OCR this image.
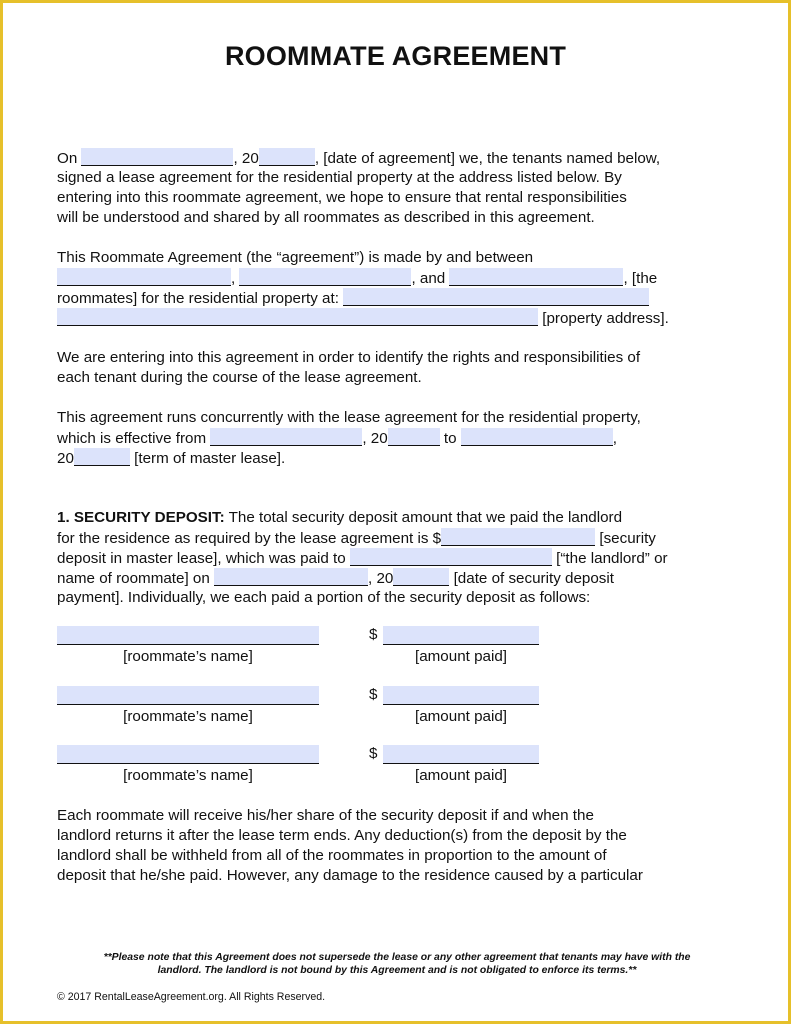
ROOMMATE AGREEMENT
On	, 20	, [date of agreement] we, the tenants named below,
signed a lease agreement for the residential property at the address listed below. By
entering into this roommate agreement, we hope to ensure that rental responsibilities
will be understood and shared by all roommates as described in this agreement.
This Roommate Agreement (the “agreement”) is made by and between
,	, and	, [the
roommates] for the residential property at:
[property address].
We are entering into this agreement in order to identify the rights and responsibilities of
each tenant during the course of the lease agreement.
This agreement runs concurrently with the lease agreement for the residential property,
which is effective from	, 20	to	,
20	[term of master lease].
1. SECURITY DEPOSIT: The total security deposit amount that we paid the landlord
for the residence as required by the lease agreement is $	[security
deposit in master lease], which was paid to	[“the landlord” or
name of roommate] on	, 20	[date of security deposit
payment]. Individually, we each paid a portion of the security deposit as follows:
[roommate’s name]
$
[amount paid]
[roommate’s name]
$
[amount paid]
[roommate’s name]
$
[amount paid]
Each roommate will receive his/her share of the security deposit if and when the
landlord returns it after the lease term ends. Any deduction(s) from the deposit by the
landlord shall be withheld from all of the roommates in proportion to the amount of
deposit that he/she paid. However, any damage to the residence caused by a particular
**Please note that this Agreement does not supersede the lease or any other agreement that tenants may have with the
landlord. The landlord is not bound by this Agreement and is not obligated to enforce its terms.**
© 2017 RentalLeaseAgreement.org. All Rights Reserved.
